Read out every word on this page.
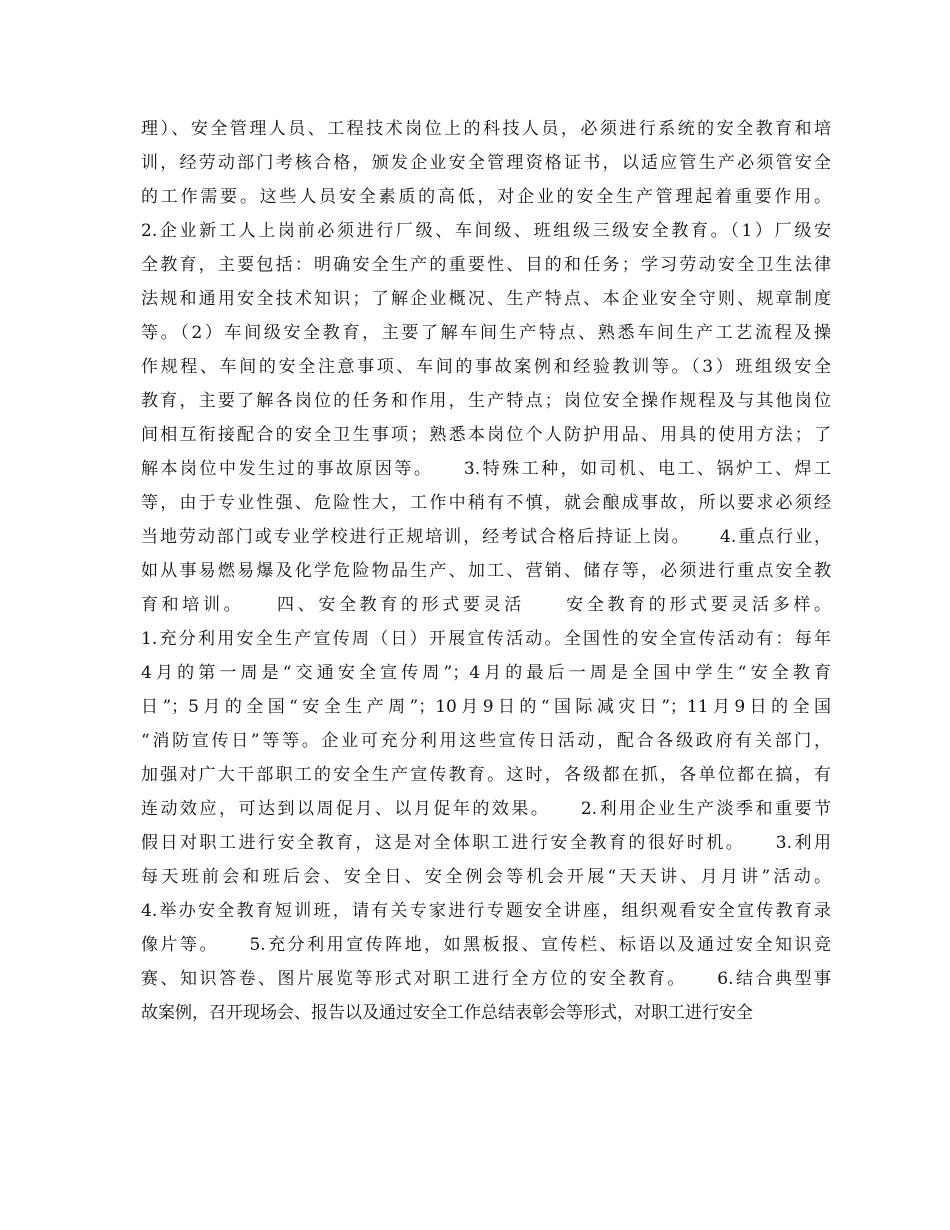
理）、安全管理人员、工程技术岗位上的科技人员，必须进行系统的安全教育和培
训，经劳动部门考核合格，颁发企业安全管理资格证书，以适应管生产必须管安全
的工作需要。这些人员安全素质的高低，对企业的安全生产管理起着重要作用。
2.企业新工人上岗前必须进行厂级、车间级、班组级三级安全教育。（1）厂级安
全教育，主要包括：明确安全生产的重要性、目的和任务；学习劳动安全卫生法律
法规和通用安全技术知识；了解企业概况、生产特点、本企业安全守则、规章制度
等。（2）车间级安全教育，主要了解车间生产特点、熟悉车间生产工艺流程及操
作规程、车间的安全注意事项、车间的事故案例和经验教训等。（3）班组级安全
教育，主要了解各岗位的任务和作用，生产特点；岗位安全操作规程及与其他岗位
间相互衔接配合的安全卫生事项；熟悉本岗位个人防护用品、用具的使用方法；了
解本岗位中发生过的事故原因等。　　3.特殊工种，如司机、电工、锅炉工、焊工
等，由于专业性强、危险性大，工作中稍有不慎，就会酿成事故，所以要求必须经
当地劳动部门或专业学校进行正规培训，经考试合格后持证上岗。　　4.重点行业，
如从事易燃易爆及化学危险物品生产、加工、营销、储存等，必须进行重点安全教
育和培训。　　四、安全教育的形式要灵活　　安全教育的形式要灵活多样。
1.充分利用安全生产宣传周（日）开展宣传活动。全国性的安全宣传活动有：每年
4月的第一周是“交通安全宣传周”；4月的最后一周是全国中学生“安全教育
日”；5月的全国“安全生产周”；10月9日的“国际减灾日”；11月9日的全国
“消防宣传日”等等。企业可充分利用这些宣传日活动，配合各级政府有关部门，
加强对广大干部职工的安全生产宣传教育。这时，各级都在抓，各单位都在搞，有
连动效应，可达到以周促月、以月促年的效果。　　2.利用企业生产淡季和重要节
假日对职工进行安全教育，这是对全体职工进行安全教育的很好时机。　　3.利用
每天班前会和班后会、安全日、安全例会等机会开展“天天讲、月月讲”活动。
4.举办安全教育短训班，请有关专家进行专题安全讲座，组织观看安全宣传教育录
像片等。　　5.充分利用宣传阵地，如黑板报、宣传栏、标语以及通过安全知识竞
赛、知识答卷、图片展览等形式对职工进行全方位的安全教育。　　6.结合典型事
故案例，召开现场会、报告以及通过安全工作总结表彰会等形式，对职工进行安全
